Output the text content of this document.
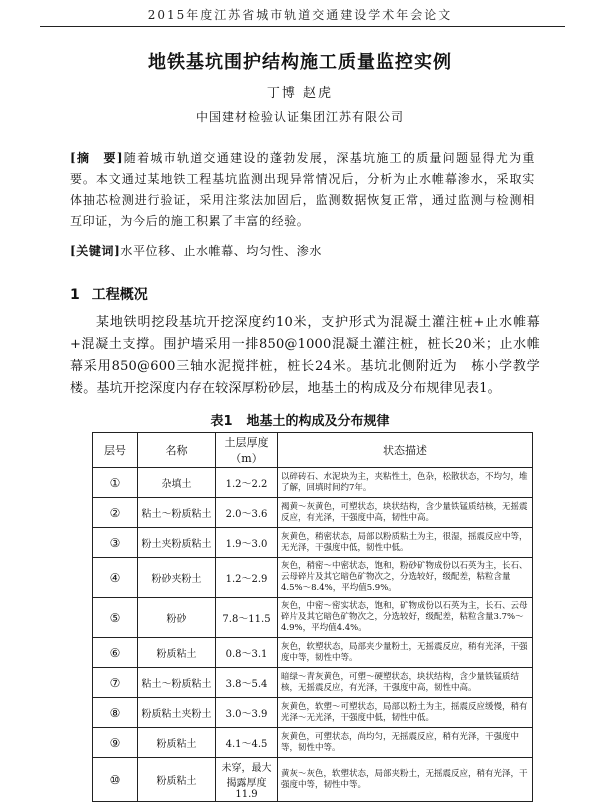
2015年度江苏省城市轨道交通建设学术年会论文
地铁基坑围护结构施工质量监控实例
丁博 赵虎
中国建材检验认证集团江苏有限公司
[摘　要]随着城市轨道交通建设的蓬勃发展，深基坑施工的质量问题显得尤为重要。本文通过某地铁工程基坑监测出现异常情况后，分析为止水帷幕渗水，采取实体抽芯检测进行验证，采用注浆法加固后，监测数据恢复正常，通过监测与检测相互印证，为今后的施工积累了丰富的经验。
[关键词]水平位移、止水帷幕、均匀性、渗水
1 工程概况
某地铁明挖段基坑开挖深度约10米，支护形式为混凝土灌注桩+止水帷幕+混凝土支撑。围护墙采用一排850@1000混凝土灌注桩，桩长20米；止水帷幕采用850@600三轴水泥搅拌桩，桩长24米。基坑北侧附近为　栋小学教学楼。基坑开挖深度内存在较深厚粉砂层，地基土的构成及分布规律见表1。
表1 地基土的构成及分布规律
层号	名称	土层厚度（m）	状态描述
①	杂填土	1.2～2.2	以碎砖石、水泥块为主，夹粘性土，色杂，松散状态，不均匀，堆了解，回填时间约7年。
②	粘土～粉质粘土	2.0～3.6	褐黄～灰黄色，可塑状态，块状结构，含少量铁锰质结核，无摇震反应，有光泽，干强度中高，韧性中高。
③	粉土夹粉质粘土	1.9～3.0	灰黄色，稍密状态，局部以粉质粘土为主，很湿，摇震反应中等，无光泽，干强度中低，韧性中低。
④	粉砂夹粉土	1.2～2.9	灰色，稍密～中密状态，饱和，粉砂矿物成份以石英为主，长石、云母碎片及其它暗色矿物次之，分选较好，级配差，粘粒含量4.5%～8.4%，平均值5.9%。
⑤	粉砂	7.8～11.5	灰色，中密～密实状态，饱和，矿物成份以石英为主，长石、云母碎片及其它暗色矿物次之，分选较好，级配差，粘粒含量3.7%～4.9%，平均值4.4%。
⑥	粉质粘土	0.8～3.1	灰色，软塑状态，局部夹少量粉土，无摇震反应，稍有光泽，干强度中等，韧性中等。
⑦	粘土～粉质粘土	3.8～5.4	暗绿～青灰黄色，可塑～硬塑状态，块状结构，含少量铁锰质结核，无摇震反应，有光泽，干强度中高，韧性中高。
⑧	粉质粘土夹粉土	3.0～3.9	灰黄色，软塑～可塑状态，局部以粉土为主，摇震反应缓慢，稍有光泽～无光泽，干强度中低，韧性中低。
⑨	粉质粘土	4.1～4.5	灰黄色，可塑状态，尚均匀，无摇震反应，稍有光泽，干强度中等，韧性中等。
⑩	粉质粘土	未穿，最大揭露厚度11.9	黄灰～灰色，软塑状态，局部夹粉土，无摇震反应，稍有光泽，干强度中等，韧性中等。
